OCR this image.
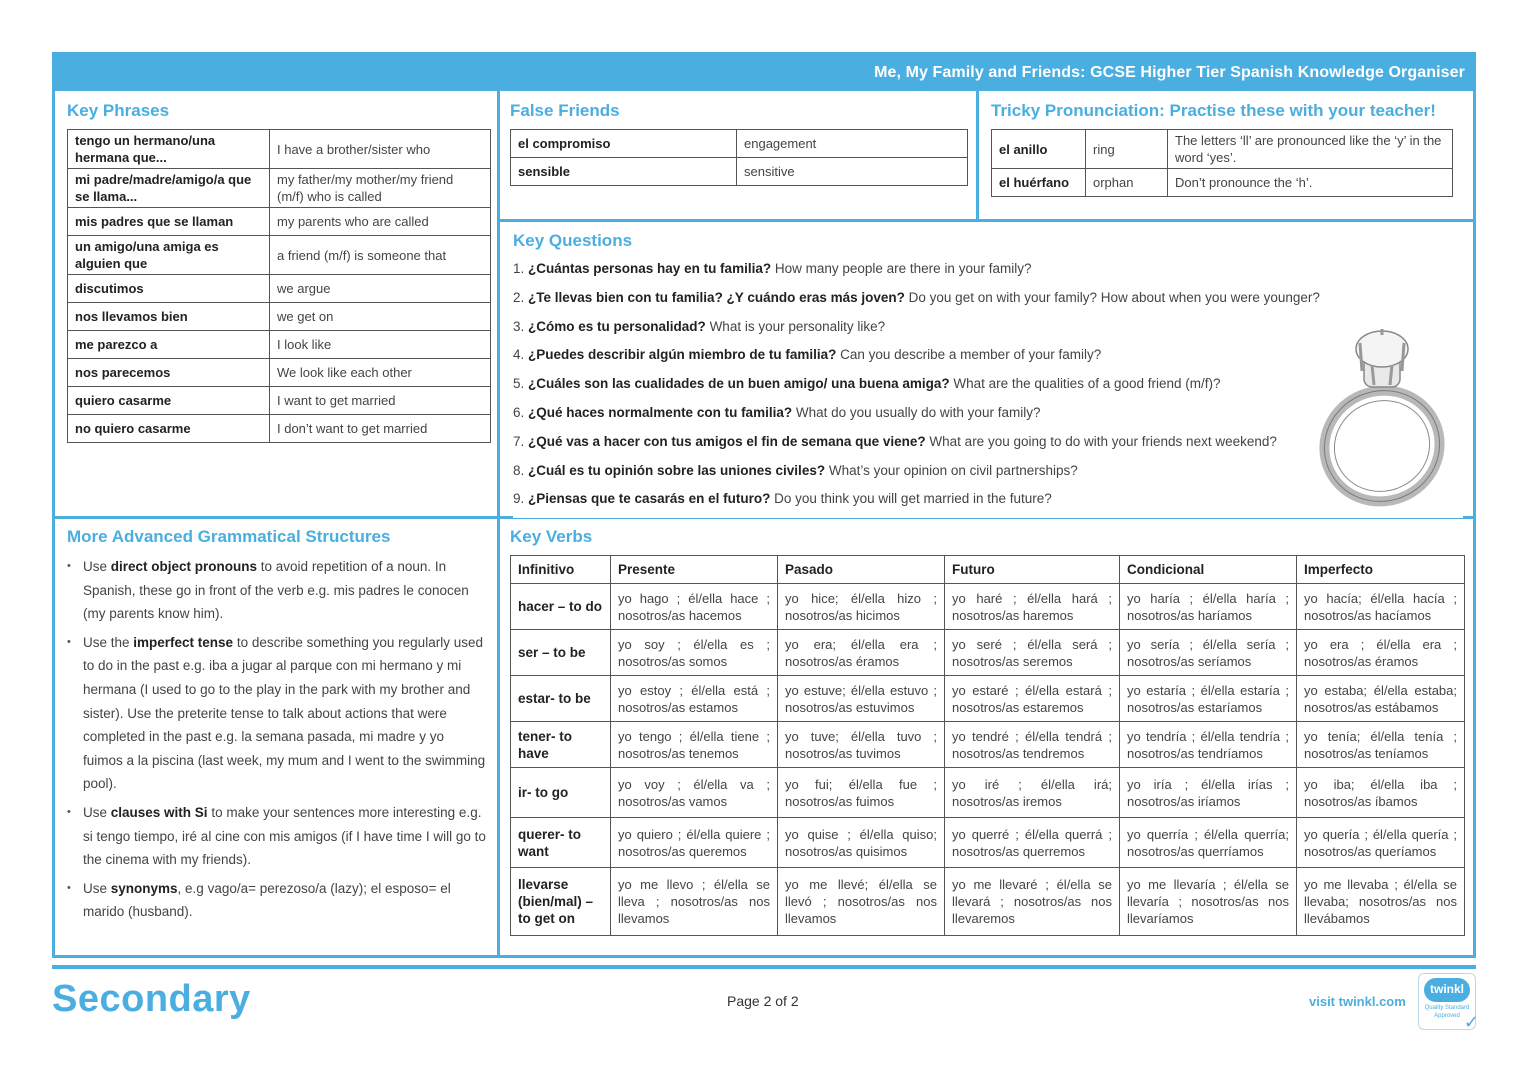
Me, My Family and Friends: GCSE Higher Tier Spanish Knowledge Organiser
Key Phrases
tengo un hermano/una hermana que...	I have a brother/sister who
mi padre/madre/amigo/a que se llama...	my father/my mother/my friend (m/f) who is called
mis padres que se llaman	my parents who are called
un amigo/una amiga es alguien que	a friend (m/f) is someone that
discutimos	we argue
nos llevamos bien	we get on
me parezco a	I look like
nos parecemos	We look like each other
quiero casarme	I want to get married
no quiero casarme	I don’t want to get married
False Friends
el compromiso	engagement
sensible	sensitive
Tricky Pronunciation: Practise these with your teacher!
el anillo	ring	The letters ‘ll’ are pronounced like the ‘y’ in the word ‘yes’.
el huérfano	orphan	Don’t pronounce the ‘h’.
Key Questions
1. ¿Cuántas personas hay en tu familia? How many people are there in your family?
2. ¿Te llevas bien con tu familia? ¿Y cuándo eras más joven? Do you get on with your family? How about when you were younger?
3. ¿Cómo es tu personalidad? What is your personality like?
4. ¿Puedes describir algún miembro de tu familia? Can you describe a member of your family?
5. ¿Cuáles son las cualidades de un buen amigo/ una buena amiga? What are the qualities of a good friend (m/f)?
6. ¿Qué haces normalmente con tu familia? What do you usually do with your family?
7. ¿Qué vas a hacer con tus amigos el fin de semana que viene? What are you going to do with your friends next weekend?
8. ¿Cuál es tu opinión sobre las uniones civiles? What’s your opinion on civil partnerships?
9. ¿Piensas que te casarás en el futuro? Do you think you will get married in the future?
More Advanced Grammatical Structures
• Use direct object pronouns to avoid repetition of a noun. In Spanish, these go in front of the verb e.g. mis padres le conocen (my parents know him).
• Use the imperfect tense to describe something you regularly used to do in the past e.g. iba a jugar al parque con mi hermano y mi hermana (I used to go to the play in the park with my brother and sister). Use the preterite tense to talk about actions that were completed in the past e.g. la semana pasada, mi madre y yo fuimos a la piscina (last week, my mum and I went to the swimming pool).
• Use clauses with Si to make your sentences more interesting e.g. si tengo tiempo, iré al cine con mis amigos (if I have time I will go to the cinema with my friends).
• Use synonyms, e.g vago/a= perezoso/a (lazy); el esposo= el marido (husband).
Key Verbs
Infinitivo	Presente	Pasado	Futuro	Condicional	Imperfecto
hacer – to do	yo hago ; él/ella hace ; nosotros/as hacemos	yo hice; él/ella hizo ; nosotros/as hicimos	yo haré ; él/ella hará ; nosotros/as haremos	yo haría ; él/ella haría ; nosotros/as haríamos	yo hacía; él/ella hacía ; nosotros/as hacíamos
ser – to be	yo soy ; él/ella es ; nosotros/as somos	yo era; él/ella era ; nosotros/as éramos	yo seré ; él/ella será ; nosotros/as seremos	yo sería ; él/ella sería ; nosotros/as seríamos	yo era ; él/ella era ; nosotros/as éramos
estar- to be	yo estoy ; él/ella está ; nosotros/as estamos	yo estuve; él/ella estuvo ; nosotros/as estuvimos	yo estaré ; él/ella estará ; nosotros/as estaremos	yo estaría ; él/ella estaría ; nosotros/as estaríamos	yo estaba; él/ella estaba; nosotros/as estábamos
tener- to have	yo tengo ; él/ella tiene ; nosotros/as tenemos	yo tuve; él/ella tuvo ; nosotros/as tuvimos	yo tendré ; él/ella tendrá ; nosotros/as tendremos	yo tendría ; él/ella tendría ; nosotros/as tendríamos	yo tenía; él/ella tenía ; nosotros/as teníamos
ir- to go	yo voy ; él/ella va ; nosotros/as vamos	yo fui; él/ella fue ; nosotros/as fuimos	yo iré ; él/ella irá; nosotros/as iremos	yo iría ; él/ella irías ; nosotros/as iríamos	yo iba; él/ella iba ; nosotros/as íbamos
querer- to want	yo quiero ; él/ella quiere ; nosotros/as queremos	yo quise ; él/ella quiso; nosotros/as quisimos	yo querré ; él/ella querrá ; nosotros/as querremos	yo querría ; él/ella querría; nosotros/as querríamos	yo quería ; él/ella quería ; nosotros/as queríamos
llevarse (bien/mal) – to get on	yo me llevo ; él/ella se lleva ; nosotros/as nos llevamos	yo me llevé; él/ella se llevó ; nosotros/as nos llevamos	yo me llevaré ; él/ella se llevará ; nosotros/as nos llevaremos	yo me llevaría ; él/ella se llevaría ; nosotros/as nos llevaríamos	yo me llevaba ; él/ella se llevaba; nosotros/as nos llevábamos
Secondary	Page 2 of 2	visit twinkl.com
twinkl
Quality Standard Approved ✓
